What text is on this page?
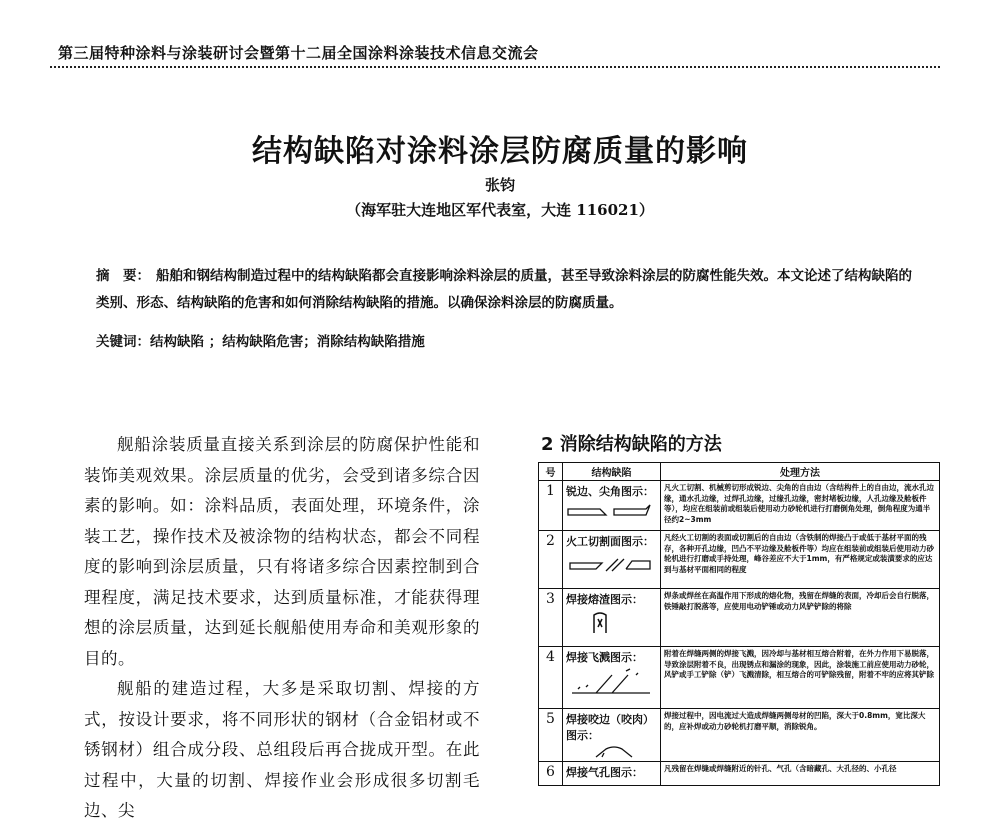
第三届特种涂料与涂装研讨会暨第十二届全国涂料涂装技术信息交流会
结构缺陷对涂料涂层防腐质量的影响
张钧
（海军驻大连地区军代表室，大连 116021）
摘　要： 船舶和钢结构制造过程中的结构缺陷都会直接影响涂料涂层的质量，甚至导致涂料涂层的防腐性能失效。本文论述了结构缺陷的类别、形态、结构缺陷的危害和如何消除结构缺陷的措施。以确保涂料涂层的防腐质量。
关键词：结构缺陷 ；结构缺陷危害；消除结构缺陷措施

舰船涂装质量直接关系到涂层的防腐保护性能和装饰美观效果。涂层质量的优劣，会受到诸多综合因素的影响。如：涂料品质，表面处理，环境条件，涂装工艺，操作技术及被涂物的结构状态，都会不同程度的影响到涂层质量，只有将诸多综合因素控制到合理程度，满足技术要求，达到质量标准，才能获得理想的涂层质量，达到延长舰船使用寿命和美观形象的目的。

舰船的建造过程，大多是采取切割、焊接的方式，按设计要求，将不同形状的钢材（合金铝材或不锈钢材）组合成分段、总组段后再合拢成开型。在此过程中，大量的切割、焊接作业会形成很多切割毛边、尖

2 消除结构缺陷的方法
号	结构缺陷	处理方法
1	锐边、尖角图示：	凡火工切割、机械剪切形成锐边、尖角的自由边（含结构件上的自由边，流水孔边缘，通水孔边缘，过焊孔边缘，过缘孔边缘，密封堵板边缘，人孔边缘及舱板件等），均应在组装前或组装后使用动力砂轮机进行打磨倒角处理，倒角程度为通半径约2~3mm
2	火工切割面图示：	凡经火工切割的表面或切割后的自由边（含铁制的焊接凸于或低于基材平面的残存，各种开孔边缘，凹凸不平边缘及舱板件等）均应在组装前或组装后使用动力砂轮机进行打磨或手持处理，峰谷差应不大于1mm，有严格规定或装潢要求的应达到与基材平面相同的程度
3	焊接熔渣图示：	焊条或焊丝在高温作用下形成的熔化物，残留在焊缝的表面，冷却后会自行脱落，铁锤敲打脱落等，应使用电动铲锤或动力风铲铲除的将除
4	焊接飞溅图示：	附着在焊缝两侧的焊接飞溅，因冷却与基材相互熔合附着，在外力作用下易脱落，导致涂层附着不良，出现锈点和漏涂的现象，因此，涂装施工前应使用动力砂轮，风铲或手工铲除（铲）飞溅清除，相互熔合的可铲除残留，附着不牢的应将其铲除
5	焊接咬边（咬肉）图示：	焊接过程中，因电流过大造成焊缝两侧母材的凹陷，深大于0.8mm，宽比深大的，应补焊或动力砂轮机打磨平顺，消除锐角。
6	焊接气孔图示：	凡残留在焊缝或焊缝附近的针孔、气孔（含暗藏孔、大孔径的、小孔径
